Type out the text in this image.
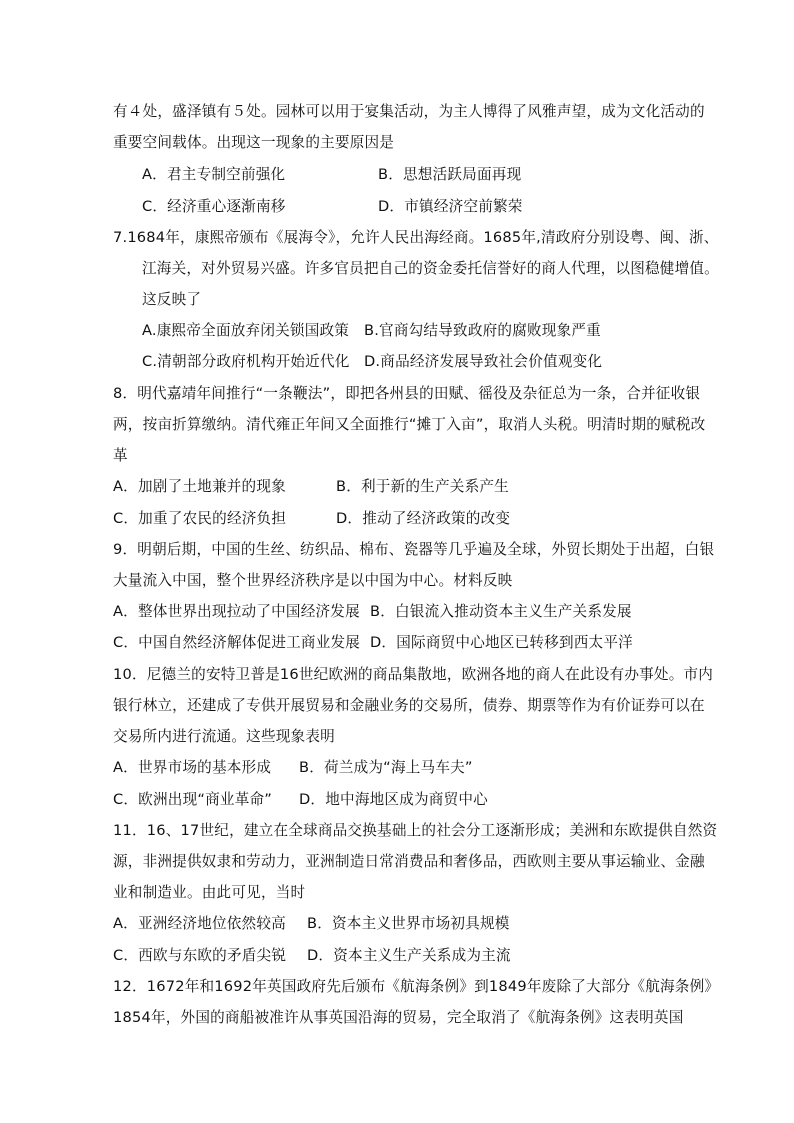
有４处，盛泽镇有５处。园林可以用于宴集活动，为主人博得了风雅声望，成为文化活动的
重要空间载体。出现这一现象的主要原因是
A．君主专制空前强化	B．思想活跃局面再现
C．经济重心逐渐南移	D．市镇经济空前繁荣
7.1684年，康熙帝颁布《展海令》，允许人民出海经商。1685年,清政府分别设粤、闽、浙、
江海关，对外贸易兴盛。许多官员把自己的资金委托信誉好的商人代理，以图稳健增值。
这反映了
A.康熙帝全面放弃闭关锁国政策 B.官商勾结导致政府的腐败现象严重
C.清朝部分政府机构开始近代化 D.商品经济发展导致社会价值观变化
8．明代嘉靖年间推行“一条鞭法”，即把各州县的田赋、徭役及杂征总为一条，合并征收银
两，按亩折算缴纳。清代雍正年间又全面推行“摊丁入亩”，取消人头税。明清时期的赋税改
革
A．加剧了土地兼并的现象	B．利于新的生产关系产生
C．加重了农民的经济负担	D．推动了经济政策的改变
9．明朝后期，中国的生丝、纺织品、棉布、瓷器等几乎遍及全球，外贸长期处于出超，白银
大量流入中国，整个世界经济秩序是以中国为中心。材料反映
A．整体世界出现拉动了中国经济发展 B．白银流入推动资本主义生产关系发展
C．中国自然经济解体促进工商业发展 D．国际商贸中心地区已转移到西太平洋
10．尼德兰的安特卫普是16世纪欧洲的商品集散地，欧洲各地的商人在此设有办事处。市内
银行林立，还建成了专供开展贸易和金融业务的交易所，债券、期票等作为有价证券可以在
交易所内进行流通。这些现象表明
A．世界市场的基本形成 B．荷兰成为“海上马车夫”
C．欧洲出现“商业革命” D．地中海地区成为商贸中心
11．16、17世纪，建立在全球商品交换基础上的社会分工逐渐形成；美洲和东欧提供自然资
源，非洲提供奴隶和劳动力，亚洲制造日常消费品和奢侈品，西欧则主要从事运输业、金融
业和制造业。由此可见，当时
A．亚洲经济地位依然较高 B．资本主义世界市场初具规模
C．西欧与东欧的矛盾尖锐 D．资本主义生产关系成为主流
12．1672年和1692年英国政府先后颁布《航海条例》到1849年废除了大部分《航海条例》
1854年，外国的商船被准许从事英国沿海的贸易，完全取消了《航海条例》这表明英国
